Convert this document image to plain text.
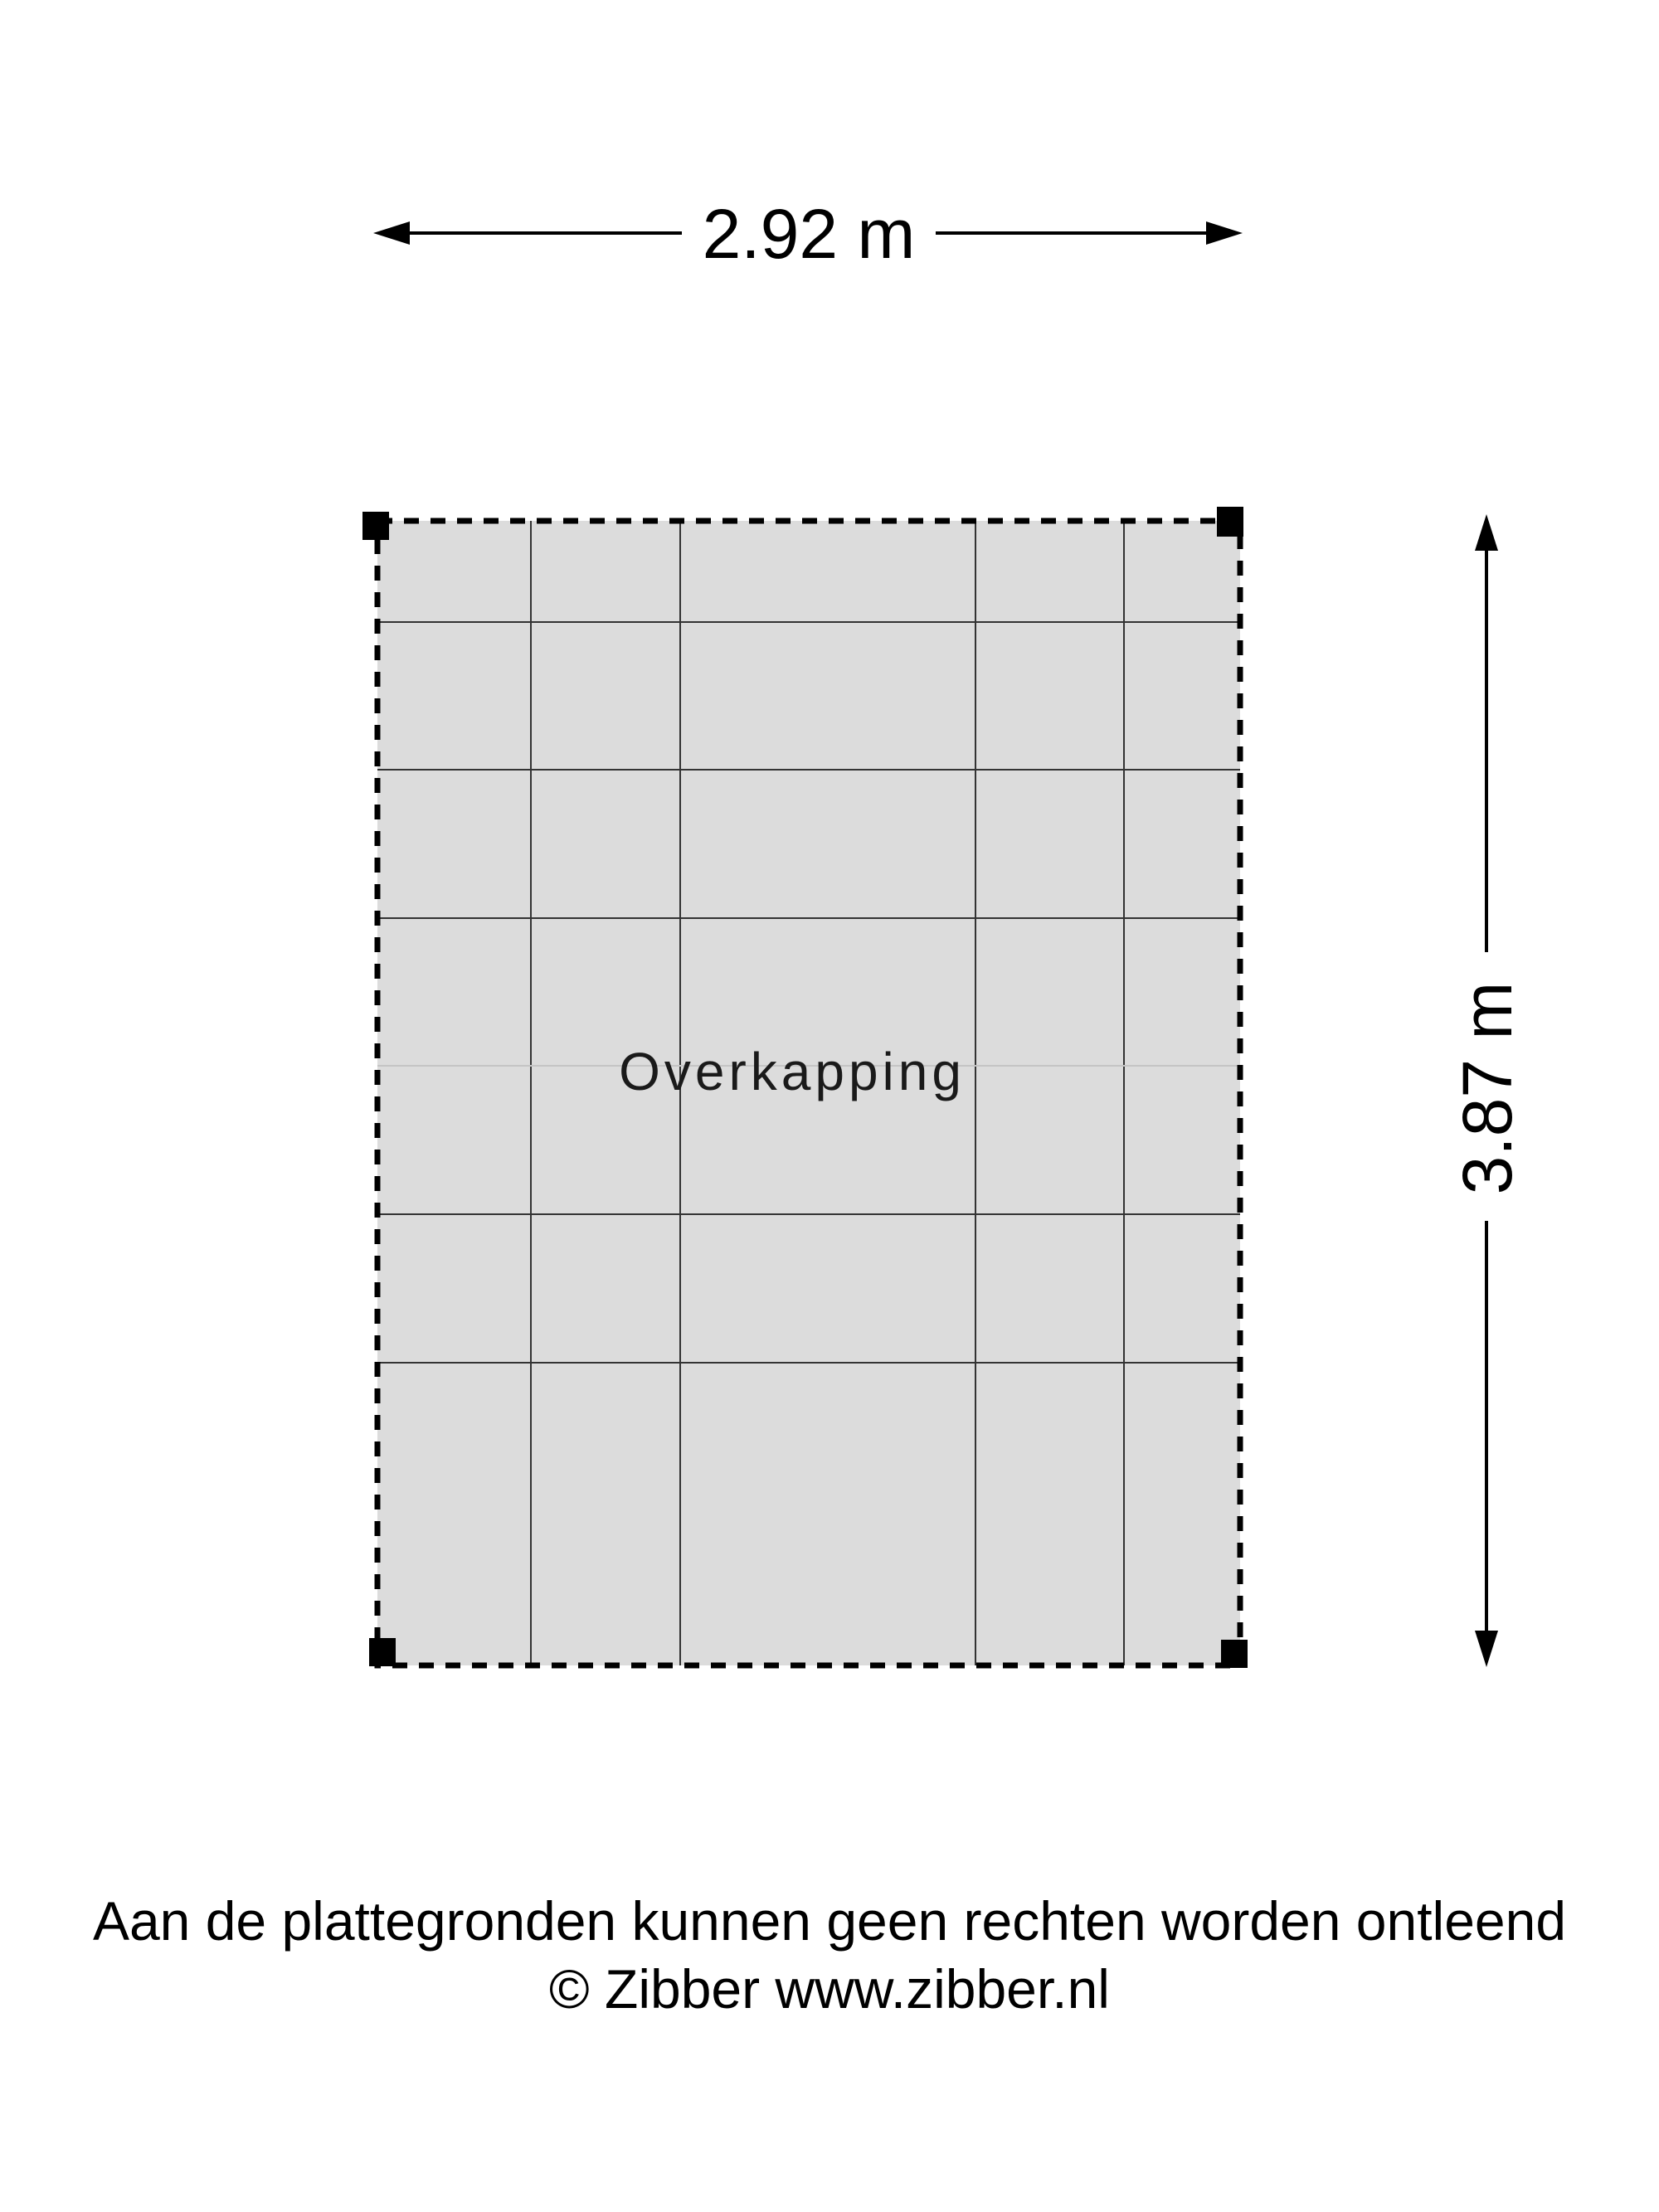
2.92 m
3.87 m
Overkapping
Aan de plattegronden kunnen geen rechten worden ontleend
© Zibber www.zibber.nl
